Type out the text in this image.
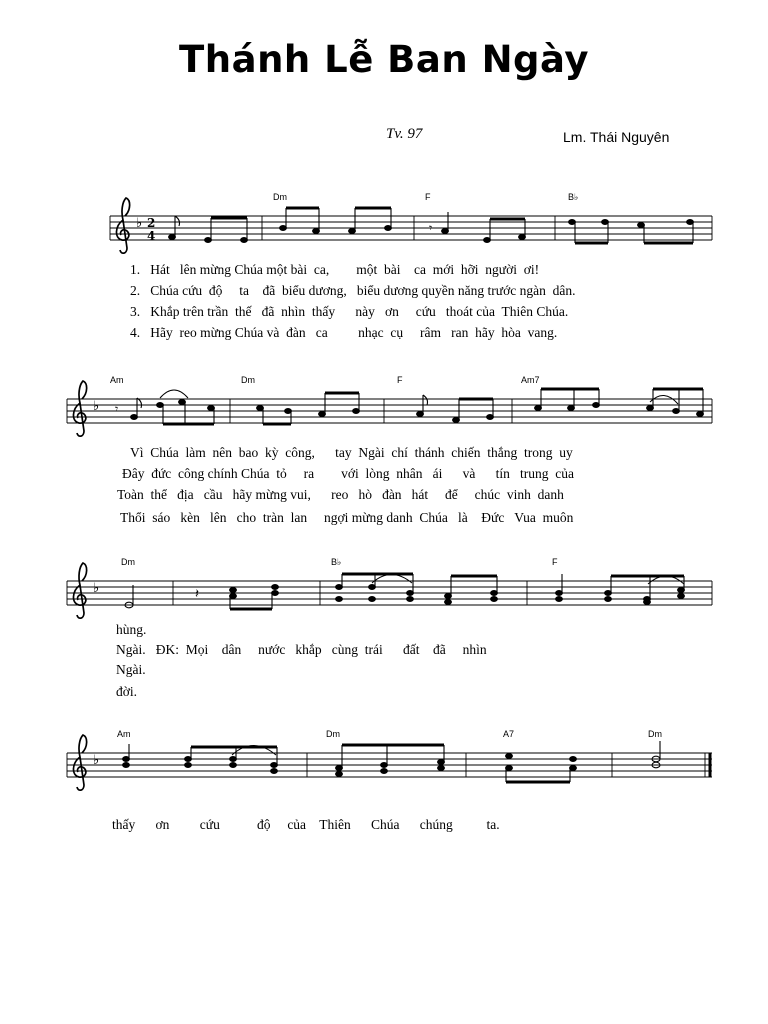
Thánh Lễ Ban Ngày
Tv. 97	Lm. Thái Nguyên
♭ 2
4
𝄾
Dm	F	B♭
♭ 𝄾
Am	Dm	F	Am7
♭	𝄽
Dm	B♭	F
♭
Am	Dm	A7	Dm
1.   Hát   lên mừng Chúa một bài  ca,        một  bài    ca  mới  hỡi  người  ơi!
2.   Chúa cứu  độ     ta    đã  biểu dương,   biểu dương quyền năng trước ngàn  dân.
3.   Khắp trên trần  thế   đã  nhìn  thấy      này   ơn     cứu   thoát của  Thiên Chúa.
4.   Hãy  reo mừng Chúa và  đàn   ca         nhạc  cụ     râm   ran  hãy  hòa  vang.
Vì  Chúa  làm  nên  bao  kỳ  công,      tay  Ngài  chí  thánh  chiến  thắng  trong  uy
Đây  đức  công chính Chúa  tỏ     ra        với  lòng  nhân   ái      và      tín   trung  của
Toàn  thể   địa   cầu   hãy mừng vui,      reo   hò   đàn   hát     để     chúc  vinh  danh
Thổi  sáo   kèn   lên   cho  tràn  lan     ngợi mừng danh  Chúa   là    Đức   Vua  muôn
hùng.
Ngài.   ĐK:  Mọi    dân     nước   khắp   cùng  trái      đất    đã     nhìn
Ngài.
đời.
thấy      ơn         cứu           độ     của    Thiên      Chúa      chúng          ta.
